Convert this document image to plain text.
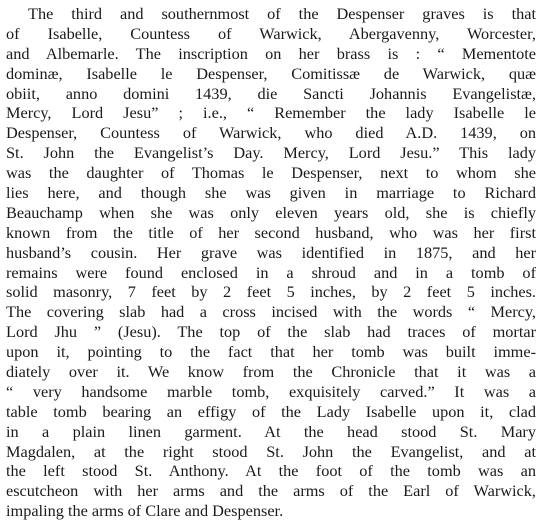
The third and southernmost of the Despenser graves is that
of Isabelle, Countess of Warwick, Abergavenny, Worcester,
and Albemarle. The inscription on her brass is : “ Mementote
dominæ, Isabelle le Despenser, Comitissæ de Warwick, quæ
obiit, anno domini 1439, die Sancti Johannis Evangelistæ,
Mercy, Lord Jesu” ; i.e., “ Remember the lady Isabelle le
Despenser, Countess of Warwick, who died A.D. 1439, on
St. John the Evangelist’s Day. Mercy, Lord Jesu.” This lady
was the daughter of Thomas le Despenser, next to whom she
lies here, and though she was given in marriage to Richard
Beauchamp when she was only eleven years old, she is chiefly
known from the title of her second husband, who was her first
husband’s cousin. Her grave was identified in 1875, and her
remains were found enclosed in a shroud and in a tomb of
solid masonry, 7 feet by 2 feet 5 inches, by 2 feet 5 inches.
The covering slab had a cross incised with the words “ Mercy,
Lord Jhu ” (Jesu). The top of the slab had traces of mortar
upon it, pointing to the fact that her tomb was built imme-
diately over it. We know from the Chronicle that it was a
“ very handsome marble tomb, exquisitely carved.” It was a
table tomb bearing an effigy of the Lady Isabelle upon it, clad
in a plain linen garment. At the head stood St. Mary
Magdalen, at the right stood St. John the Evangelist, and at
the left stood St. Anthony. At the foot of the tomb was an
escutcheon with her arms and the arms of the Earl of Warwick,
impaling the arms of Clare and Despenser.
